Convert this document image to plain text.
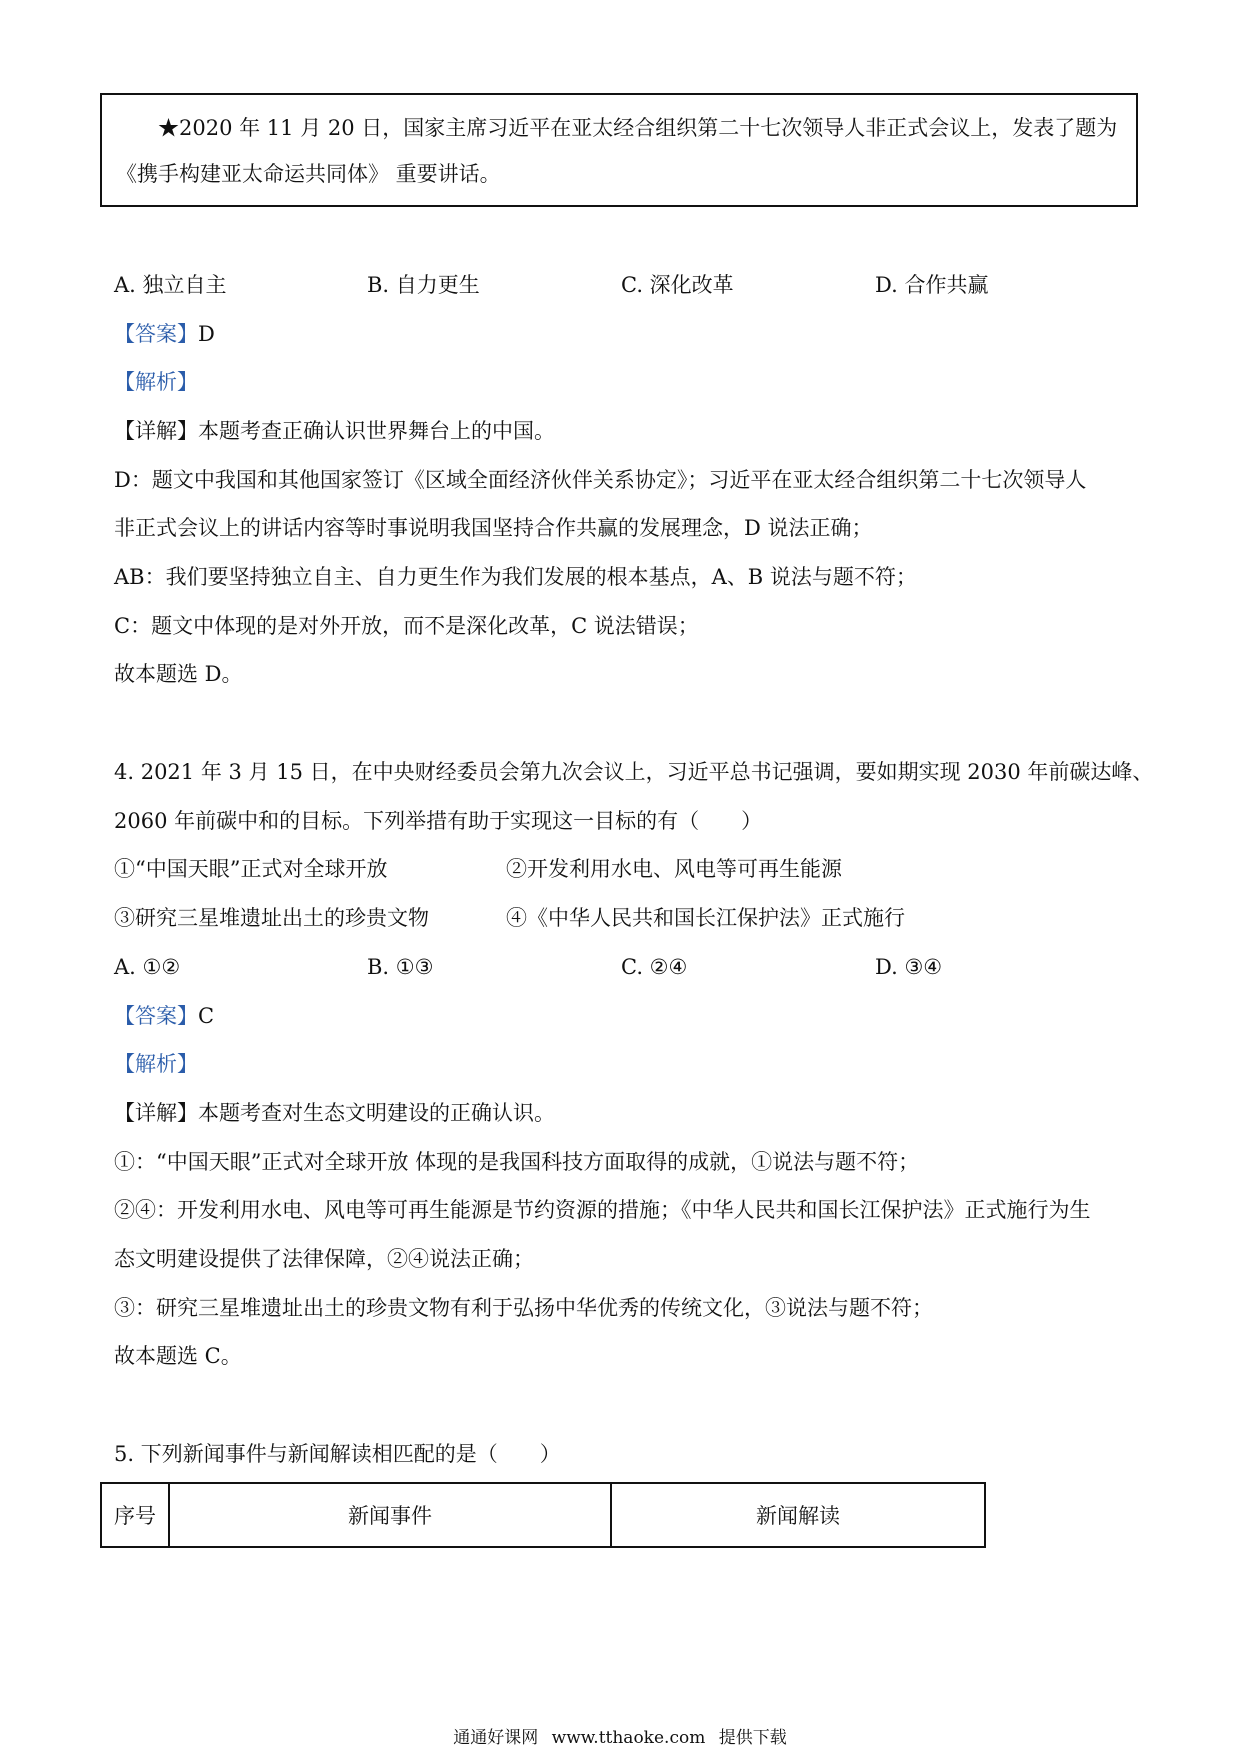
★2020 年 11 月 20 日，国家主席习近平在亚太经合组织第二十七次领导人非正式会议上，发表了题为
《携手构建亚太命运共同体》 重要讲话。
A. 独立自主	B. 自力更生	C. 深化改革	D. 合作共赢
【答案】D
【解析】
【详解】本题考查正确认识世界舞台上的中国。
D：题文中我国和其他国家签订《区域全面经济伙伴关系协定》；习近平在亚太经合组织第二十七次领导人
非正式会议上的讲话内容等时事说明我国坚持合作共赢的发展理念，D 说法正确；
AB：我们要坚持独立自主、自力更生作为我们发展的根本基点，A、B 说法与题不符；
C：题文中体现的是对外开放，而不是深化改革，C 说法错误；
故本题选 D。
4. 2021 年 3 月 15 日，在中央财经委员会第九次会议上，习近平总书记强调，要如期实现 2030 年前碳达峰、
2060 年前碳中和的目标。下列举措有助于实现这一目标的有（　　）
①“中国天眼”正式对全球开放	②开发利用水电、风电等可再生能源
③研究三星堆遗址出土的珍贵文物	④《中华人民共和国长江保护法》正式施行
A. ①②	B. ①③	C. ②④	D. ③④
【答案】C
【解析】
【详解】本题考查对生态文明建设的正确认识。
①：“中国天眼”正式对全球开放 体现的是我国科技方面取得的成就，①说法与题不符；
②④：开发利用水电、风电等可再生能源是节约资源的措施；《中华人民共和国长江保护法》正式施行为生
态文明建设提供了法律保障，②④说法正确；
③：研究三星堆遗址出土的珍贵文物有利于弘扬中华优秀的传统文化，③说法与题不符；
故本题选 C。
5. 下列新闻事件与新闻解读相匹配的是（　　）
序号	新闻事件	新闻解读
通通好课网 www.tthaoke.com 提供下载
